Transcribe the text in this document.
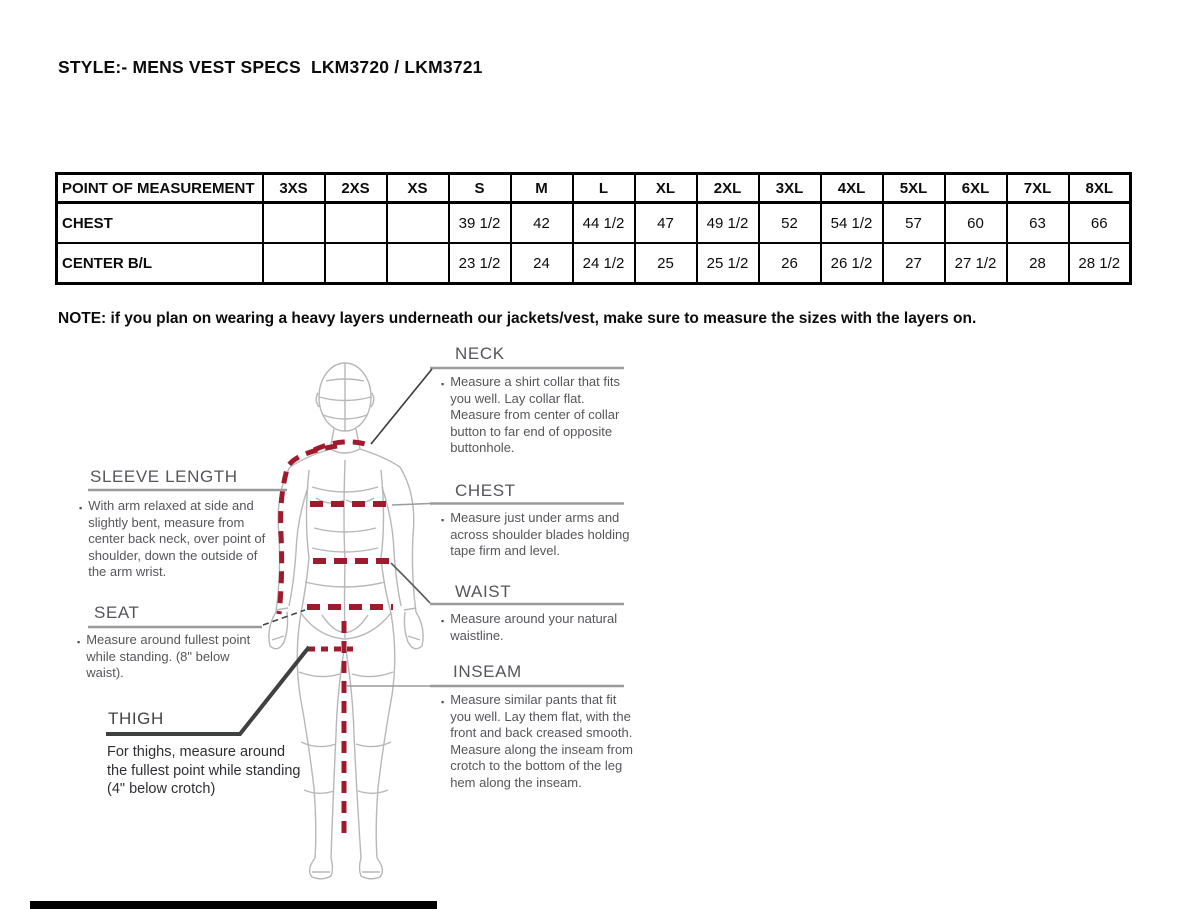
STYLE:- MENS VEST SPECS  LKM3720 / LKM3721
POINT OF MEASUREMENT	3XS	2XS	XS	S	M	L	XL	2XL	3XL	4XL	5XL	6XL	7XL	8XL
CHEST				39 1/2	42	44 1/2	47	49 1/2	52	54 1/2	57	60	63	66
CENTER B/L				23 1/2	24	24 1/2	25	25 1/2	26	26 1/2	27	27 1/2	28	28 1/2
NOTE: if you plan on wearing a heavy layers underneath our jackets/vest, make sure to measure the sizes with the layers on.
NECK
▪ Measure a shirt collar that fits you well. Lay collar flat. Measure from center of collar button to far end of opposite buttonhole.
SLEEVE LENGTH
▪ With arm relaxed at side and slightly bent, measure from center back neck, over point of shoulder, down the outside of the arm wrist.
CHEST
▪ Measure just under arms and across shoulder blades holding tape firm and level.
WAIST
▪ Measure around your natural waistline.
SEAT
▪ Measure around fullest point while standing. (8" below waist).	INSEAM
▪ Measure similar pants that fit you well. Lay them flat, with the front and back creased smooth. Measure along the inseam from crotch to the bottom of the leg hem along the inseam.
THIGH
For thighs, measure around the fullest point while standing (4" below crotch)
